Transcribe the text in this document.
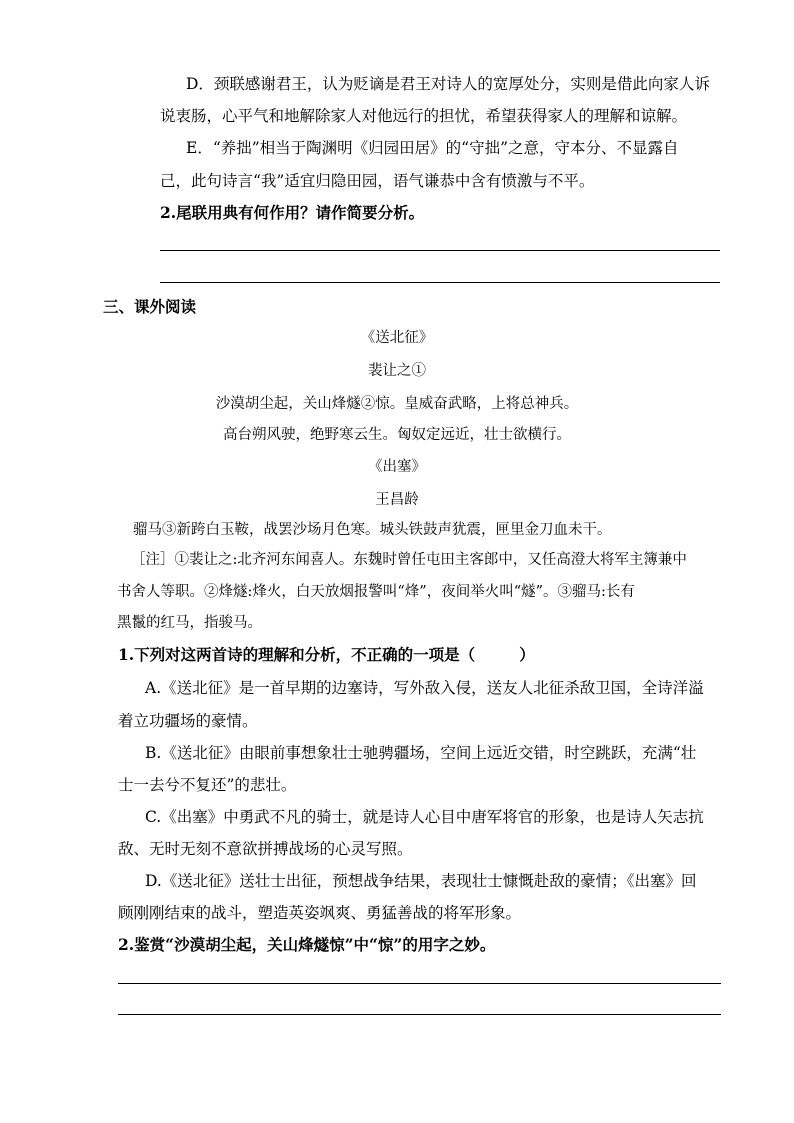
D．颈联感谢君王，认为贬谪是君王对诗人的宽厚处分，实则是借此向家人诉
说衷肠，心平气和地解除家人对他远行的担忧，希望获得家人的理解和谅解。
E．“养拙”相当于陶渊明《归园田居》的“守拙”之意，守本分、不显露自
己，此句诗言“我”适宜归隐田园，语气谦恭中含有愤激与不平。
2.尾联用典有何作用？请作简要分析。
三、课外阅读
《送北征》
裴让之①
沙漠胡尘起，关山烽燧②惊。皇威奋武略，上将总神兵。
高台朔风驶，绝野寒云生。匈奴定远近，壮士欲横行。
《出塞》
王昌龄
骝马③新跨白玉鞍，战罢沙场月色寒。城头铁鼓声犹震，匣里金刀血未干。
［注］①裴让之:北齐河东闻喜人。东魏时曾任屯田主客郎中，又任高澄大将军主簿兼中
书舍人等职。②烽燧:烽火，白天放烟报警叫“烽”，夜间举火叫“燧”。③骝马:长有
黑鬣的红马，指骏马。
1.下列对这两首诗的理解和分析，不正确的一项是（	）
A.《送北征》是一首早期的边塞诗，写外敌入侵，送友人北征杀敌卫国，全诗洋溢
着立功疆场的豪情。
B.《送北征》由眼前事想象壮士驰骋疆场，空间上远近交错，时空跳跃，充满“壮
士一去兮不复还”的悲壮。
C.《出塞》中勇武不凡的骑士，就是诗人心目中唐军将官的形象，也是诗人矢志抗
敌、无时无刻不意欲拼搏战场的心灵写照。
D.《送北征》送壮士出征，预想战争结果，表现壮士慷慨赴敌的豪情；《出塞》回
顾刚刚结束的战斗，塑造英姿飒爽、勇猛善战的将军形象。
2.鉴赏“沙漠胡尘起，关山烽燧惊”中“惊”的用字之妙。
